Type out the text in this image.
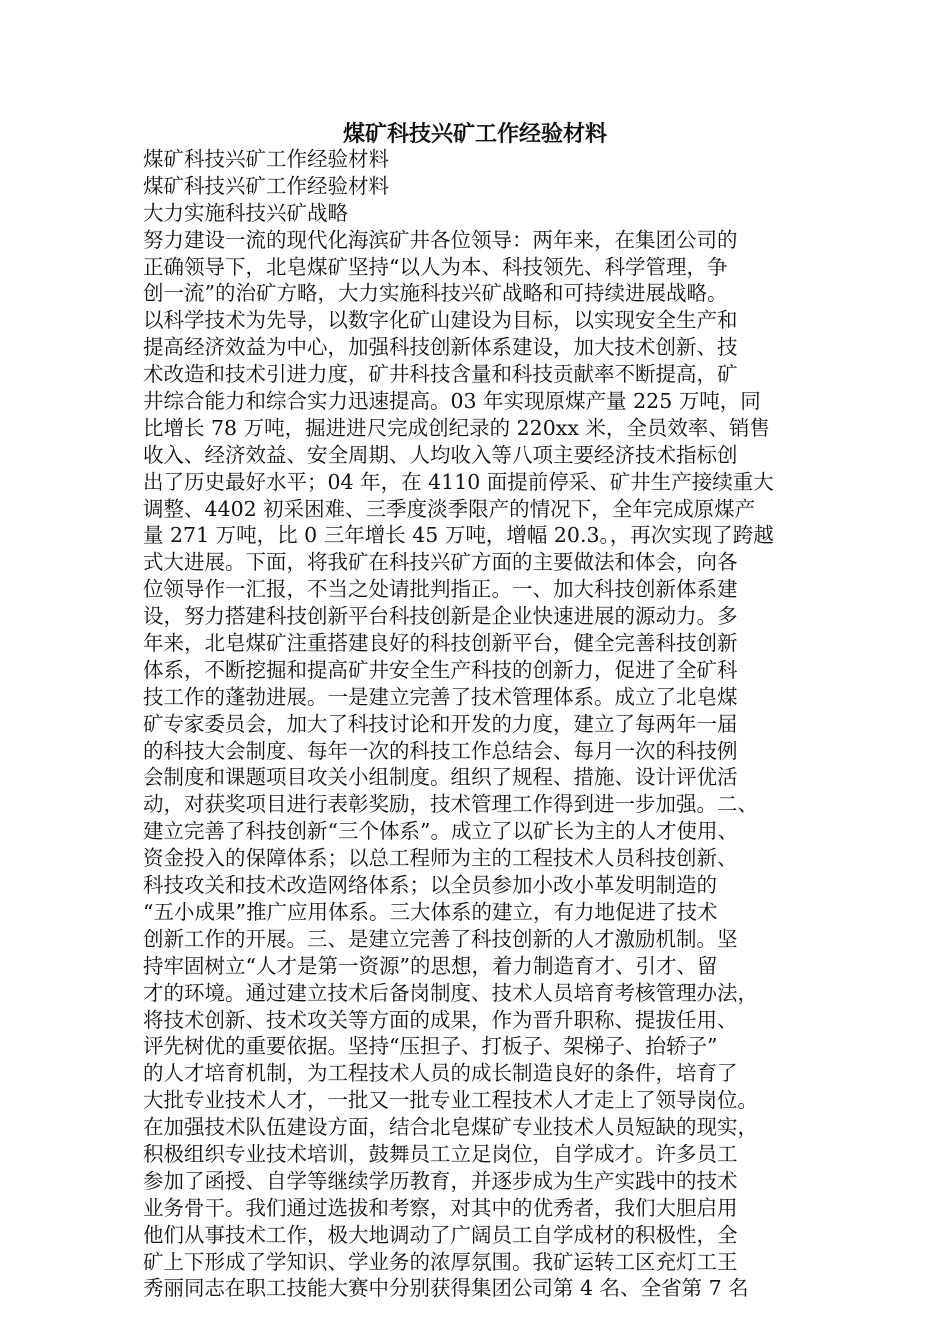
煤矿科技兴矿工作经验材料
煤矿科技兴矿工作经验材料
煤矿科技兴矿工作经验材料
大力实施科技兴矿战略
努力建设一流的现代化海滨矿井各位领导：两年来，在集团公司的
正确领导下，北皂煤矿坚持“以人为本、科技领先、科学管理，争
创一流”的治矿方略，大力实施科技兴矿战略和可持续进展战略。
以科学技术为先导，以数字化矿山建设为目标，以实现安全生产和
提高经济效益为中心，加强科技创新体系建设，加大技术创新、技
术改造和技术引进力度，矿井科技含量和科技贡献率不断提高，矿
井综合能力和综合实力迅速提高。03 年实现原煤产量 225 万吨，同
比增长 78 万吨，掘进进尺完成创纪录的 220xx 米，全员效率、销售
收入、经济效益、安全周期、人均收入等八项主要经济技术指标创
出了历史最好水平；04 年，在 4110 面提前停采、矿井生产接续重大
调整、4402 初采困难、三季度淡季限产的情况下，全年完成原煤产
量 271 万吨，比 0 三年增长 45 万吨，增幅 20.3。，再次实现了跨越
式大进展。下面，将我矿在科技兴矿方面的主要做法和体会，向各
位领导作一汇报，不当之处请批判指正。一、加大科技创新体系建
设，努力搭建科技创新平台科技创新是企业快速进展的源动力。多
年来，北皂煤矿注重搭建良好的科技创新平台，健全完善科技创新
体系，不断挖掘和提高矿井安全生产科技的创新力，促进了全矿科
技工作的蓬勃进展。一是建立完善了技术管理体系。成立了北皂煤
矿专家委员会，加大了科技讨论和开发的力度，建立了每两年一届
的科技大会制度、每年一次的科技工作总结会、每月一次的科技例
会制度和课题项目攻关小组制度。组织了规程、措施、设计评优活
动，对获奖项目进行表彰奖励，技术管理工作得到进一步加强。二、
建立完善了科技创新“三个体系”。成立了以矿长为主的人才使用、
资金投入的保障体系；以总工程师为主的工程技术人员科技创新、
科技攻关和技术改造网络体系；以全员参加小改小革发明制造的
“五小成果”推广应用体系。三大体系的建立，有力地促进了技术
创新工作的开展。三、是建立完善了科技创新的人才激励机制。坚
持牢固树立“人才是第一资源”的思想，着力制造育才、引才、留
才的环境。通过建立技术后备岗制度、技术人员培育考核管理办法，
将技术创新、技术攻关等方面的成果，作为晋升职称、提拔任用、
评先树优的重要依据。坚持“压担子、打板子、架梯子、抬轿子”
的人才培育机制，为工程技术人员的成长制造良好的条件，培育了
大批专业技术人才，一批又一批专业工程技术人才走上了领导岗位。
在加强技术队伍建设方面，结合北皂煤矿专业技术人员短缺的现实，
积极组织专业技术培训，鼓舞员工立足岗位，自学成才。许多员工
参加了函授、自学等继续学历教育，并逐步成为生产实践中的技术
业务骨干。我们通过选拔和考察，对其中的优秀者，我们大胆启用
他们从事技术工作，极大地调动了广阔员工自学成材的积极性，全
矿上下形成了学知识、学业务的浓厚氛围。我矿运转工区充灯工王
秀丽同志在职工技能大赛中分别获得集团公司第 4 名、全省第 7 名
